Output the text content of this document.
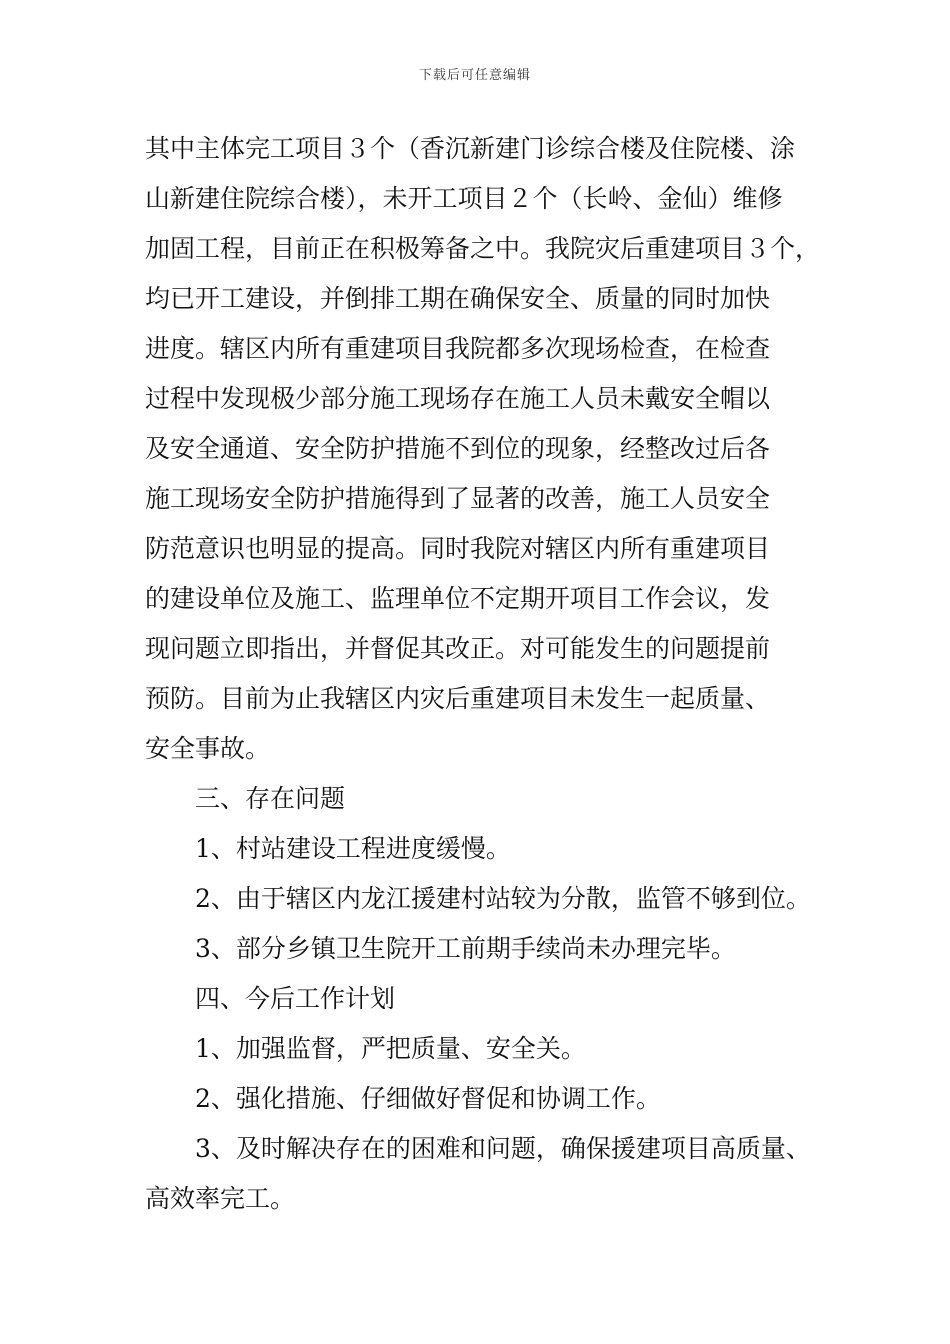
下载后可任意编辑
其中主体完工项目３个（香沉新建门诊综合楼及住院楼、涂
山新建住院综合楼），未开工项目２个（长岭、金仙）维修
加固工程，目前正在积极筹备之中。我院灾后重建项目３个，
均已开工建设，并倒排工期在确保安全、质量的同时加快
进度。辖区内所有重建项目我院都多次现场检查，在检查
过程中发现极少部分施工现场存在施工人员未戴安全帽以
及安全通道、安全防护措施不到位的现象，经整改过后各
施工现场安全防护措施得到了显著的改善，施工人员安全
防范意识也明显的提高。同时我院对辖区内所有重建项目
的建设单位及施工、监理单位不定期开项目工作会议，发
现问题立即指出，并督促其改正。对可能发生的问题提前
预防。目前为止我辖区内灾后重建项目未发生一起质量、
安全事故。
三、存在问题
1、村站建设工程进度缓慢。
2、由于辖区内龙江援建村站较为分散，监管不够到位。
3、部分乡镇卫生院开工前期手续尚未办理完毕。
四、今后工作计划
1、加强监督，严把质量、安全关。
2、强化措施、仔细做好督促和协调工作。
3、及时解决存在的困难和问题，确保援建项目高质量、
高效率完工。
